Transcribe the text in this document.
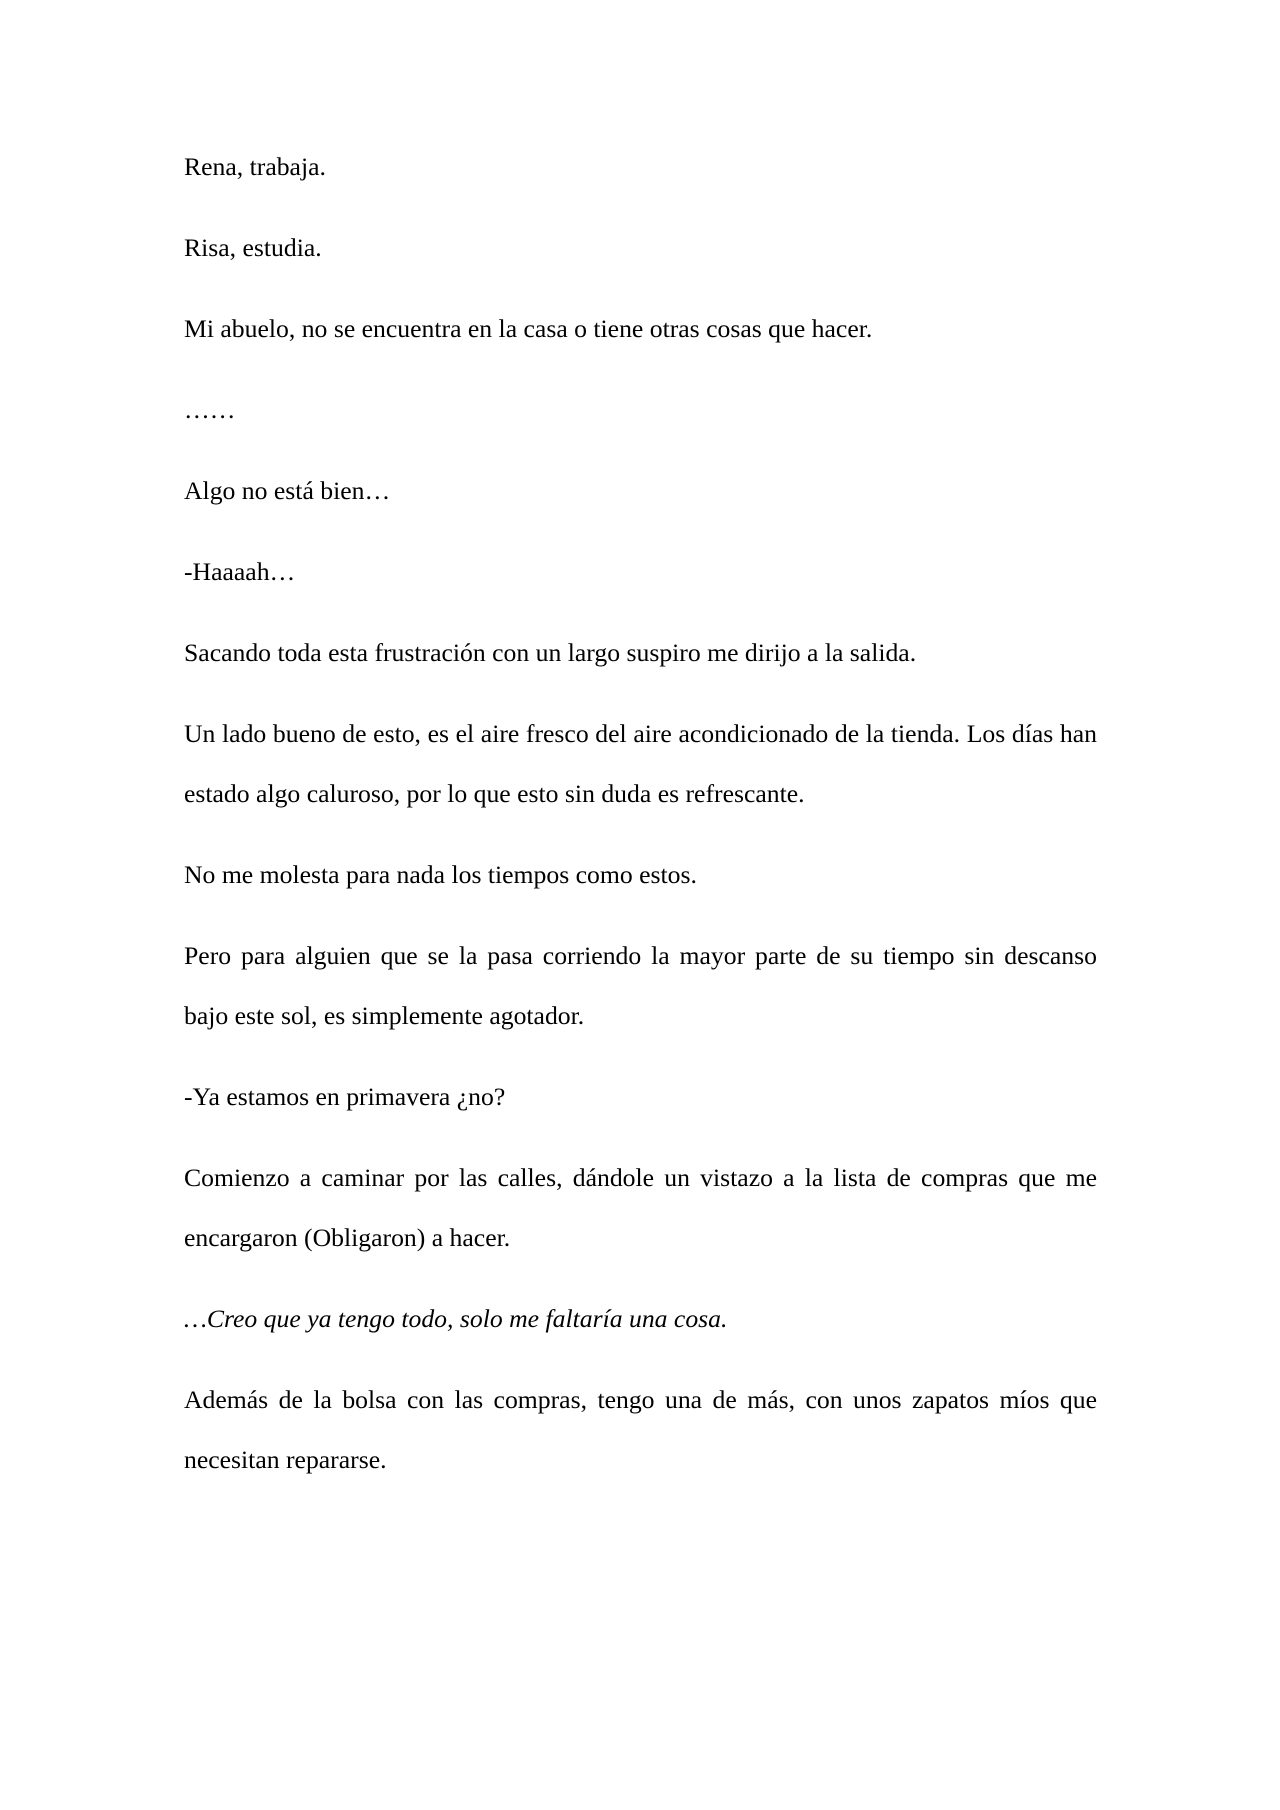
Rena, trabaja.
Risa, estudia.
Mi abuelo, no se encuentra en la casa o tiene otras cosas que hacer.
……
Algo no está bien…
-Haaaah…
Sacando toda esta frustración con un largo suspiro me dirijo a la salida.
Un lado bueno de esto, es el aire fresco del aire acondicionado de la tienda. Los días han
estado algo caluroso, por lo que esto sin duda es refrescante.
No me molesta para nada los tiempos como estos.
Pero para alguien que se la pasa corriendo la mayor parte de su tiempo sin descanso
bajo este sol, es simplemente agotador.
-Ya estamos en primavera ¿no?
Comienzo a caminar por las calles, dándole un vistazo a la lista de compras que me
encargaron (Obligaron) a hacer.
…Creo que ya tengo todo, solo me faltaría una cosa.
Además de la bolsa con las compras, tengo una de más, con unos zapatos míos que
necesitan repararse.
